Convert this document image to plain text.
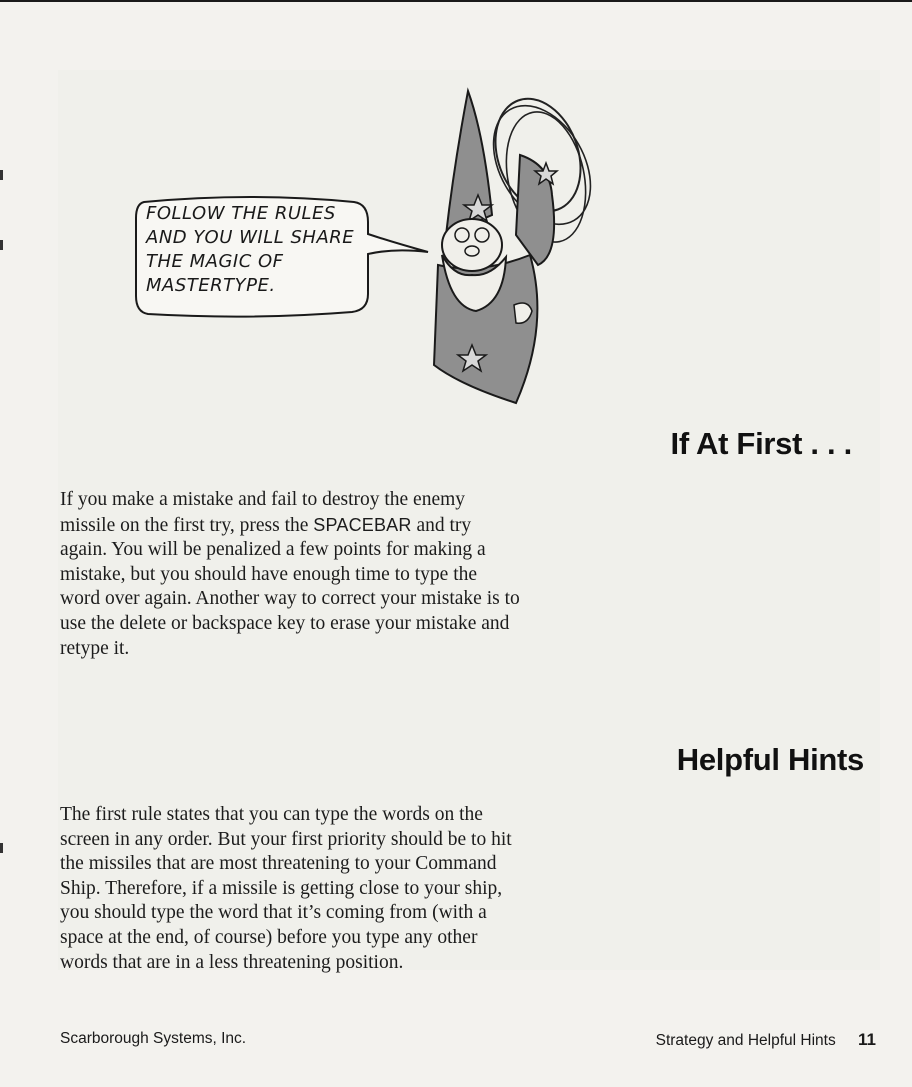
FOLLOW THE RULES
AND YOU WILL SHARE
THE MAGIC OF
MASTERTYPE.
If At First . . .

If you make a mistake and fail to destroy the enemy
missile on the first try, press the SPACEBAR and try
again. You will be penalized a few points for making a
mistake, but you should have enough time to type the
word over again. Another way to correct your mistake is to
use the delete or backspace key to erase your mistake and
retype it.

Helpful Hints

The first rule states that you can type the words on the
screen in any order. But your first priority should be to hit
the missiles that are most threatening to your Command
Ship. Therefore, if a missile is getting close to your ship,
you should type the word that it’s coming from (with a
space at the end, of course) before you type any other
words that are in a less threatening position.

Scarborough Systems, Inc.	Strategy and Helpful Hints 11
